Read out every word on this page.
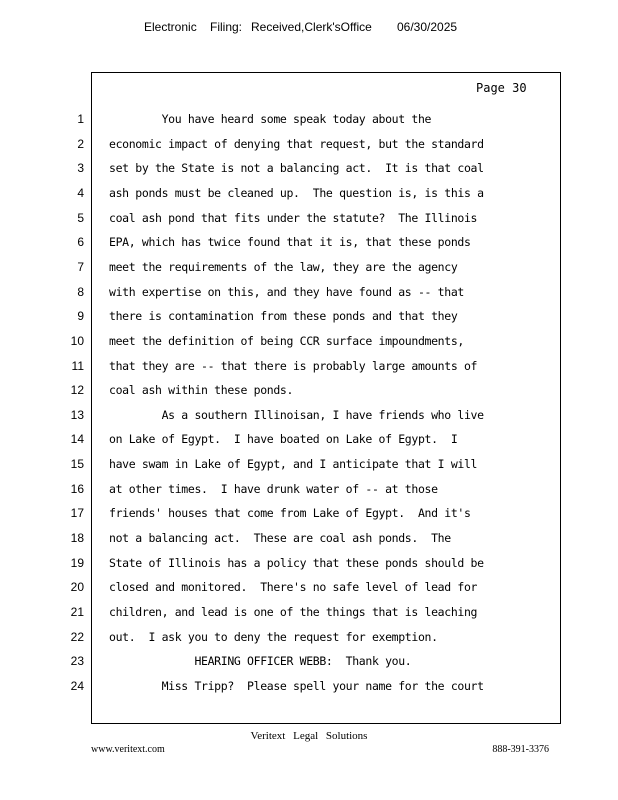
Electronic Filing: Received,Clerk'sOffice 06/30/2025
Page 30
1 You have heard some speak today about the
2 economic impact of denying that request, but the standard
3 set by the State is not a balancing act.  It is that coal
4 ash ponds must be cleaned up.  The question is, is this a
5 coal ash pond that fits under the statute?  The Illinois
6 EPA, which has twice found that it is, that these ponds
7 meet the requirements of the law, they are the agency
8 with expertise on this, and they have found as -- that
9 there is contamination from these ponds and that they
10 meet the definition of being CCR surface impoundments,
11 that they are -- that there is probably large amounts of
12 coal ash within these ponds.
13 As a southern Illinoisan, I have friends who live
14 on Lake of Egypt.  I have boated on Lake of Egypt.  I
15 have swam in Lake of Egypt, and I anticipate that I will
16 at other times.  I have drunk water of -- at those
17 friends' houses that come from Lake of Egypt.  And it's
18 not a balancing act.  These are coal ash ponds.  The
19 State of Illinois has a policy that these ponds should be
20 closed and monitored.  There's no safe level of lead for
21 children, and lead is one of the things that is leaching
22 out.  I ask you to deny the request for exemption.
23 HEARING OFFICER WEBB:  Thank you.
24 Miss Tripp?  Please spell your name for the court
Veritext Legal Solutions
www.veritext.com	888-391-3376
